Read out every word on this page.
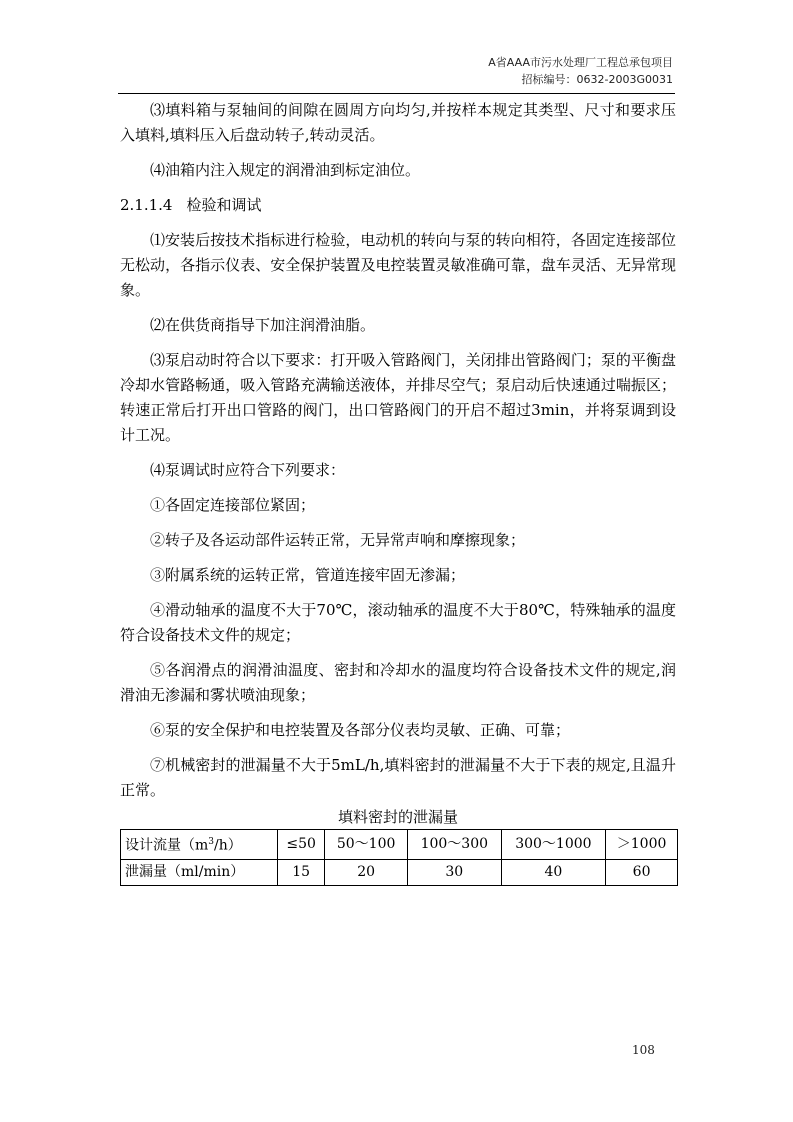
A省AAA市污水处理厂工程总承包项目
招标编号：0632-2003G0031

⑶填料箱与泵轴间的间隙在圆周方向均匀,并按样本规定其类型、尺寸和要求压入填料,填料压入后盘动转子,转动灵活。

⑷油箱内注入规定的润滑油到标定油位。

2.1.1.4 检验和调试

⑴安装后按技术指标进行检验，电动机的转向与泵的转向相符，各固定连接部位无松动，各指示仪表、安全保护装置及电控装置灵敏准确可靠，盘车灵活、无异常现象。

⑵在供货商指导下加注润滑油脂。

⑶泵启动时符合以下要求：打开吸入管路阀门，关闭排出管路阀门；泵的平衡盘冷却水管路畅通，吸入管路充满输送液体，并排尽空气；泵启动后快速通过喘振区；转速正常后打开出口管路的阀门，出口管路阀门的开启不超过3min，并将泵调到设计工况。

⑷泵调试时应符合下列要求：

①各固定连接部位紧固；

②转子及各运动部件运转正常，无异常声响和摩擦现象；

③附属系统的运转正常，管道连接牢固无渗漏；

④滑动轴承的温度不大于70℃，滚动轴承的温度不大于80℃，特殊轴承的温度符合设备技术文件的规定；

⑤各润滑点的润滑油温度、密封和冷却水的温度均符合设备技术文件的规定,润滑油无渗漏和雾状喷油现象；

⑥泵的安全保护和电控装置及各部分仪表均灵敏、正确、可靠；

⑦机械密封的泄漏量不大于5mL/h,填料密封的泄漏量不大于下表的规定,且温升正常。

填料密封的泄漏量
设计流量$(m^3/h)$	≤50	50～100	100～300	300～1000	＞1000
泄漏量（ml/min）	15	20	30	40	60
108
